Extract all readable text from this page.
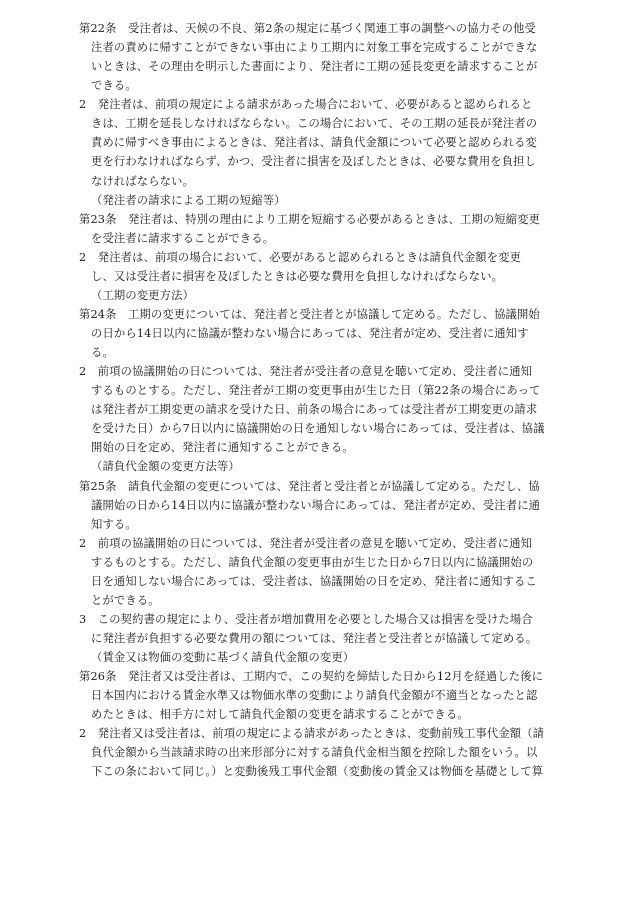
第22条　受注者は、天候の不良、第2条の規定に基づく関連工事の調整への協力その他受
注者の責めに帰すことができない事由により工期内に対象工事を完成することができな
いときは、その理由を明示した書面により、発注者に工期の延長変更を請求することが
できる。
2　発注者は、前項の規定による請求があった場合において、必要があると認められると
きは、工期を延長しなければならない。この場合において、その工期の延長が発注者の
責めに帰すべき事由によるときは、発注者は、請負代金額について必要と認められる変
更を行わなければならず、かつ、受注者に損害を及ぼしたときは、必要な費用を負担し
なければならない。
（発注者の請求による工期の短縮等）
第23条　発注者は、特別の理由により工期を短縮する必要があるときは、工期の短縮変更
を受注者に請求することができる。
2　発注者は、前項の場合において、必要があると認められるときは請負代金額を変更
し、又は受注者に損害を及ぼしたときは必要な費用を負担しなければならない。
（工期の変更方法）
第24条　工期の変更については、発注者と受注者とが協議して定める。ただし、協議開始
の日から14日以内に協議が整わない場合にあっては、発注者が定め、受注者に通知す
る。
2　前項の協議開始の日については、発注者が受注者の意見を聴いて定め、受注者に通知
するものとする。ただし、発注者が工期の変更事由が生じた日（第22条の場合にあって
は発注者が工期変更の請求を受けた日、前条の場合にあっては受注者が工期変更の請求
を受けた日）から7日以内に協議開始の日を通知しない場合にあっては、受注者は、協議
開始の日を定め、発注者に通知することができる。
（請負代金額の変更方法等）
第25条　請負代金額の変更については、発注者と受注者とが協議して定める。ただし、協
議開始の日から14日以内に協議が整わない場合にあっては、発注者が定め、受注者に通
知する。
2　前項の協議開始の日については、発注者が受注者の意見を聴いて定め、受注者に通知
するものとする。ただし、請負代金額の変更事由が生じた日から7日以内に協議開始の
日を通知しない場合にあっては、受注者は、協議開始の日を定め、発注者に通知するこ
とができる。
3　この契約書の規定により、受注者が増加費用を必要とした場合又は損害を受けた場合
に発注者が負担する必要な費用の額については、発注者と受注者とが協議して定める。
（賃金又は物価の変動に基づく請負代金額の変更）
第26条　発注者又は受注者は、工期内で、この契約を締結した日から12月を経過した後に
日本国内における賃金水準又は物価水準の変動により請負代金額が不適当となったと認
めたときは、相手方に対して請負代金額の変更を請求することができる。
2　発注者又は受注者は、前項の規定による請求があったときは、変動前残工事代金額（請
負代金額から当該請求時の出来形部分に対する請負代金相当額を控除した額をいう。以
下この条において同じ。）と変動後残工事代金額（変動後の賃金又は物価を基礎として算
